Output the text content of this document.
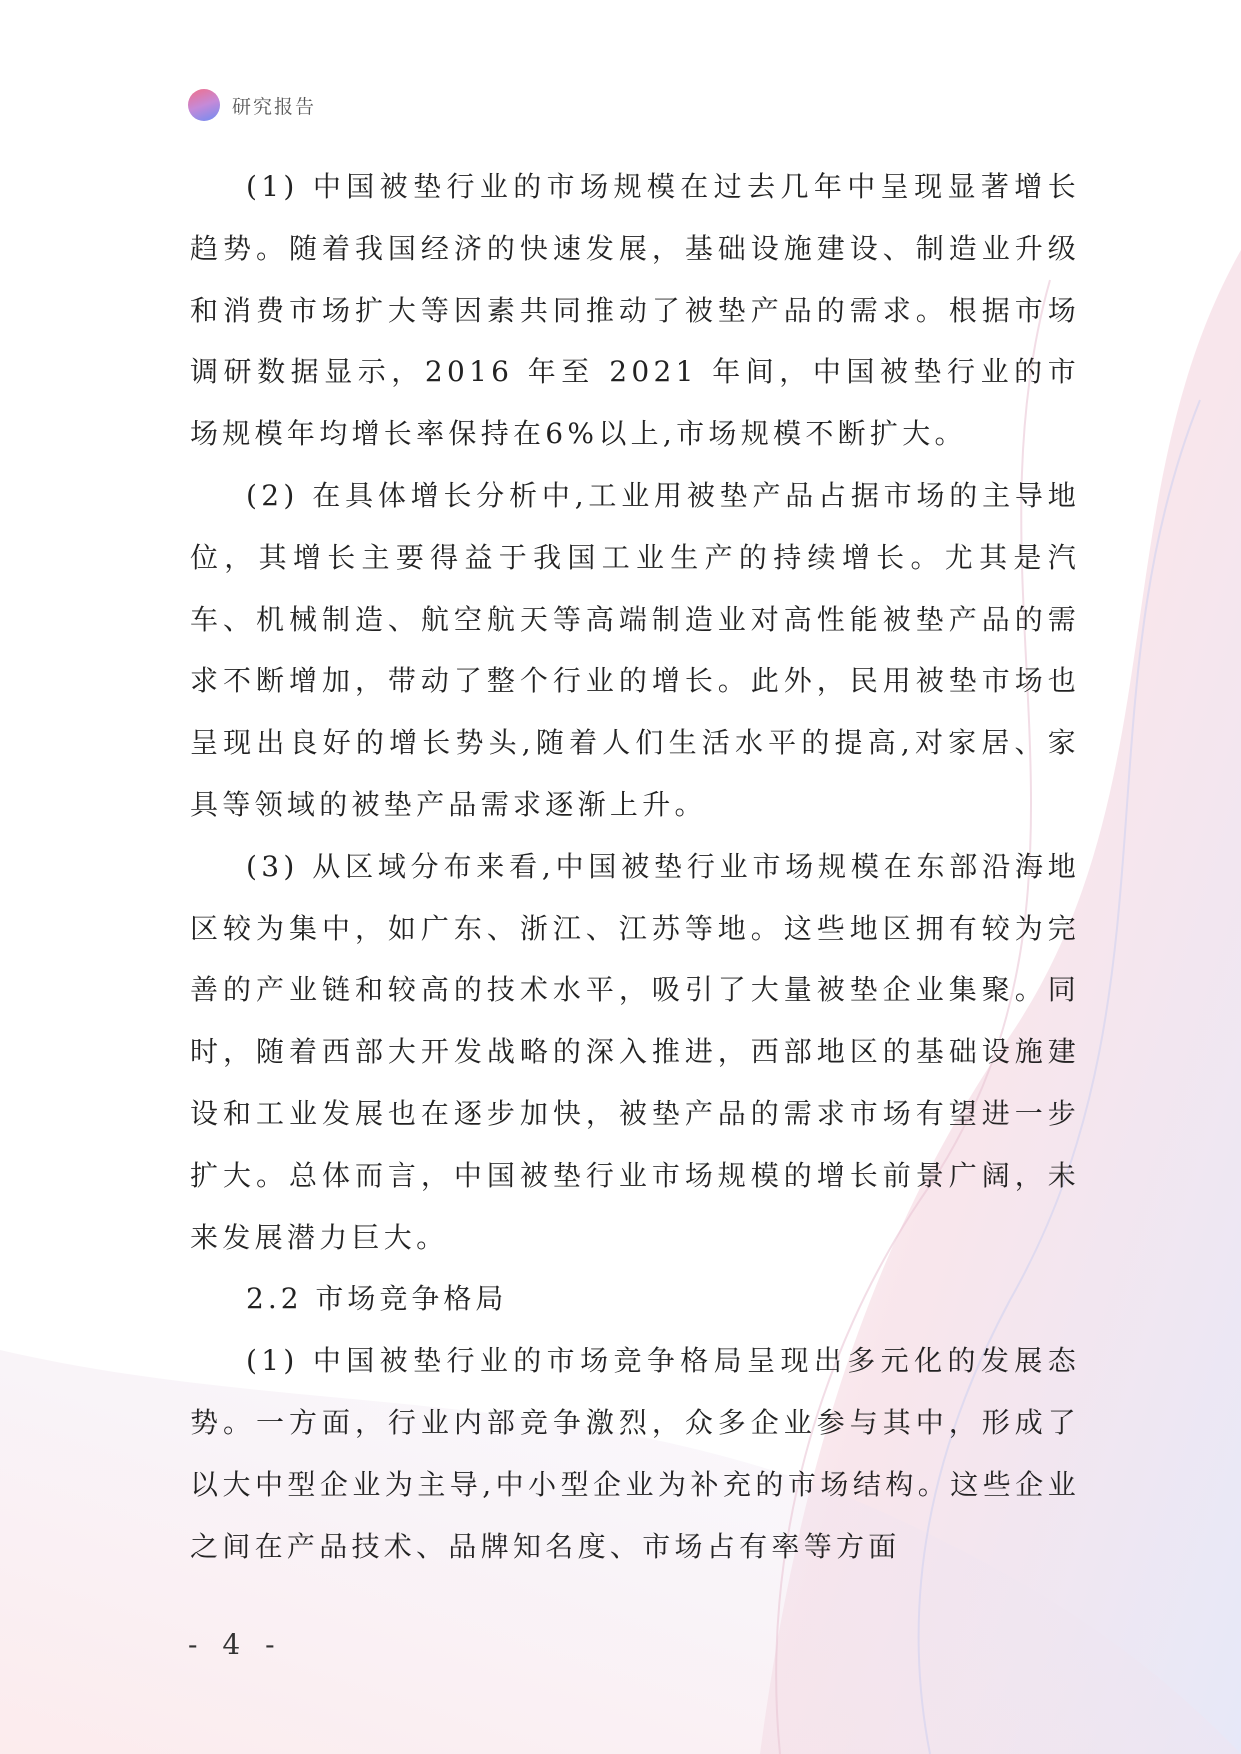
研究报告

(1) 中国被垫行业的市场规模在过去几年中呈现显著增长趋势。随着我国经济的快速发展，基础设施建设、制造业升级和消费市场扩大等因素共同推动了被垫产品的需求。根据市场调研数据显示，2016 年至 2021 年间，中国被垫行业的市场规模年均增长率保持在6%以上,市场规模不断扩大。

(2) 在具体增长分析中,工业用被垫产品占据市场的主导地位，其增长主要得益于我国工业生产的持续增长。尤其是汽车、机械制造、航空航天等高端制造业对高性能被垫产品的需求不断增加，带动了整个行业的增长。此外，民用被垫市场也呈现出良好的增长势头,随着人们生活水平的提高,对家居、家具等领域的被垫产品需求逐渐上升。

(3) 从区域分布来看,中国被垫行业市场规模在东部沿海地区较为集中，如广东、浙江、江苏等地。这些地区拥有较为完善的产业链和较高的技术水平，吸引了大量被垫企业集聚。同时，随着西部大开发战略的深入推进，西部地区的基础设施建设和工业发展也在逐步加快，被垫产品的需求市场有望进一步扩大。总体而言，中国被垫行业市场规模的增长前景广阔，未来发展潜力巨大。

2.2 市场竞争格局

(1) 中国被垫行业的市场竞争格局呈现出多元化的发展态势。一方面，行业内部竞争激烈，众多企业参与其中，形成了以大中型企业为主导,中小型企业为补充的市场结构。这些企业之间在产品技术、品牌知名度、市场占有率等方面

- 4 -
